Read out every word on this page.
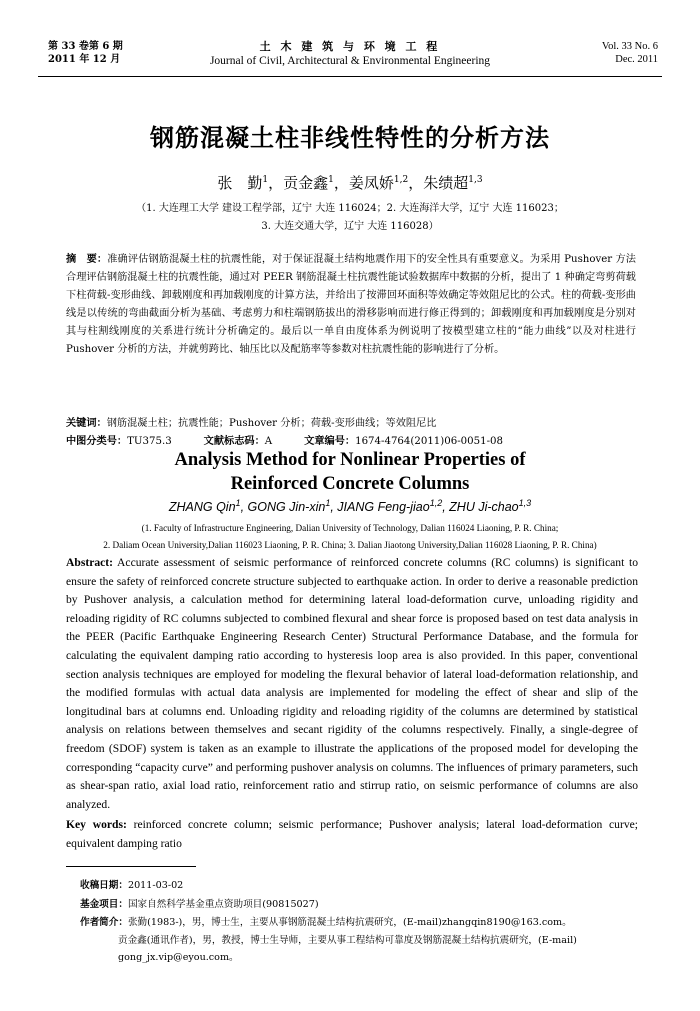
第 33 卷第 6 期
2011 年 12 月
土 木 建 筑 与 环 境 工 程
Journal of Civil, Architectural & Environmental Engineering
Vol. 33 No. 6
Dec. 2011
钢筋混凝土柱非线性特性的分析方法
张　勤$^1$，贡金鑫$^1$，姜凤娇$^{1,2}$，朱绩超$^{1,3}$
（1. 大连理工大学 建设工程学部，辽宁 大连 116024；2. 大连海洋大学，辽宁 大连 116023；
3. 大连交通大学，辽宁 大连 116028）
摘　要：准确评估钢筋混凝土柱的抗震性能，对于保证混凝土结构地震作用下的安全性具有重要意义。为采用 Pushover 方法合理评估钢筋混凝土柱的抗震性能，通过对 PEER 钢筋混凝土柱抗震性能试验数据库中数据的分析，提出了 1 种确定弯剪荷载下柱荷载-变形曲线、卸载刚度和再加载刚度的计算方法，并给出了按滞回环面积等效确定等效阻尼比的公式。柱的荷载-变形曲线是以传统的弯曲截面分析为基础、考虑剪力和柱端钢筋拔出的滑移影响而进行修正得到的；卸载刚度和再加载刚度是分别对其与柱割线刚度的关系进行统计分析确定的。最后以一单自由度体系为例说明了按模型建立柱的“能力曲线”以及对柱进行 Pushover 分析的方法，并就剪跨比、轴压比以及配筋率等参数对柱抗震性能的影响进行了分析。
关键词：钢筋混凝土柱；抗震性能；Pushover 分析；荷载-变形曲线；等效阻尼比
中图分类号：TU375.3	文献标志码：A	文章编号：1674-4764(2011)06-0051-08
Analysis Method for Nonlinear Properties of
Reinforced Concrete Columns
ZHANG Qin$^1$, GONG Jin-xin$^1$, JIANG Feng-jiao$^{1,2}$, ZHU Ji-chao$^{1,3}$
(1. Faculty of Infrastructure Engineering, Dalian University of Technology, Dalian 116024 Liaoning, P. R. China;
2. Daliam Ocean University,Dalian 116023 Liaoning, P. R. China; 3. Dalian Jiaotong University,Dalian 116028 Liaoning, P. R. China)
Abstract: Accurate assessment of seismic performance of reinforced concrete columns (RC columns) is significant to ensure the safety of reinforced concrete structure subjected to earthquake action. In order to derive a reasonable prediction by Pushover analysis, a calculation method for determining lateral load-deformation curve, unloading rigidity and reloading rigidity of RC columns subjected to combined flexural and shear force is proposed based on test data analysis in the PEER (Pacific Earthquake Engineering Research Center) Structural Performance Database, and the formula for calculating the equivalent damping ratio according to hysteresis loop area is also provided. In this paper, conventional section analysis techniques are employed for modeling the flexural behavior of lateral load-deformation relationship, and the modified formulas with actual data analysis are implemented for modeling the effect of shear and slip of the longitudinal bars at columns end. Unloading rigidity and reloading rigidity of the columns are determined by statistical analysis on relations between themselves and secant rigidity of the columns respectively. Finally, a single-degree of freedom (SDOF) system is taken as an example to illustrate the applications of the proposed model for developing the corresponding “capacity curve” and performing pushover analysis on columns. The influences of primary parameters, such as shear-span ratio, axial load ratio, reinforcement ratio and stirrup ratio, on seismic performance of columns are also analyzed.
Key words: reinforced concrete column; seismic performance; Pushover analysis; lateral load-deformation curve; equivalent damping ratio
收稿日期：2011-03-02
基金项目：国家自然科学基金重点资助项目(90815027)
作者简介：张勤(1983-)，男，博士生，主要从事钢筋混凝土结构抗震研究，(E-mail)zhangqin8190@163.com。
贡金鑫(通讯作者)，男，教授，博士生导师，主要从事工程结构可靠度及钢筋混凝土结构抗震研究，(E-mail)
gong_jx.vip@eyou.com。
